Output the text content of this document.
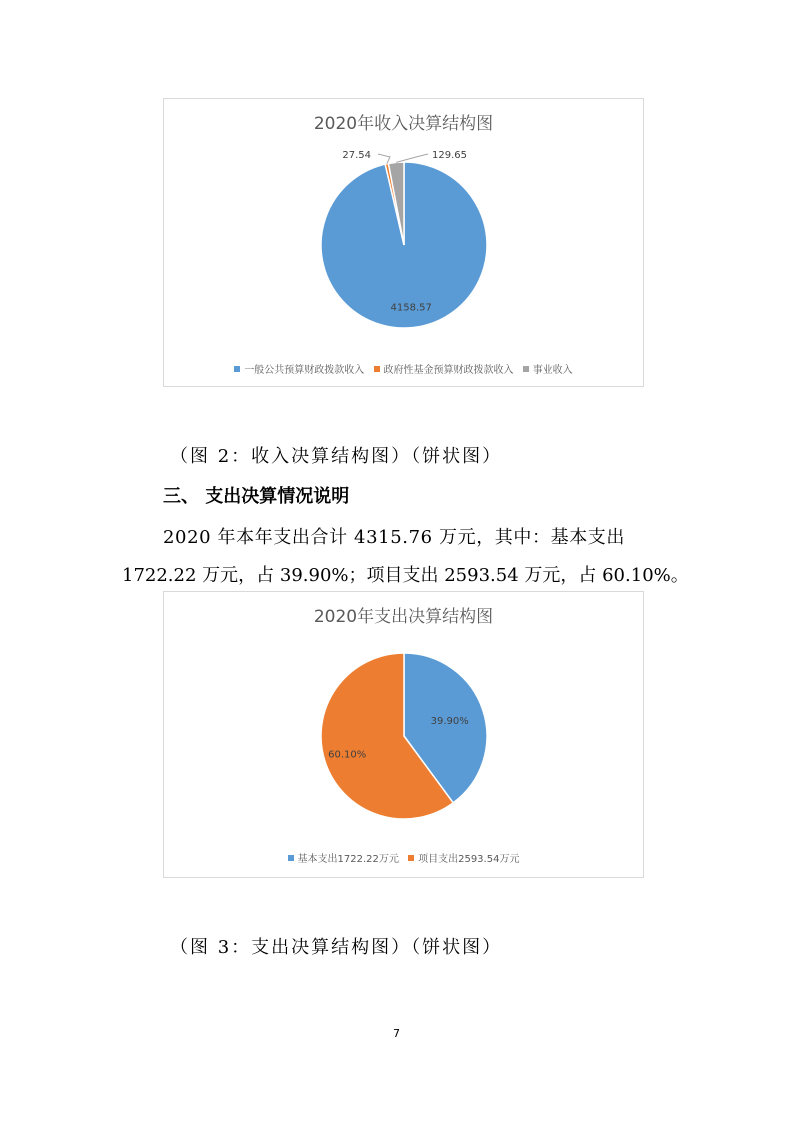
4158.57
27.54	129.65
2020年收入决算结构图
一般公共预算财政拨款收入 政府性基金预算财政拨款收入 事业收入
（图 2：收入决算结构图）（饼状图）
三、 支出决算情况说明
2020 年本年支出合计 4315.76 万元，其中：基本支出
1722.22 万元，占 39.90%；项目支出 2593.54 万元，占 60.10%。
39.90%
60.10%
2020年支出决算结构图
基本支出1722.22万元 项目支出2593.54万元
（图 3：支出决算结构图）（饼状图）
7
